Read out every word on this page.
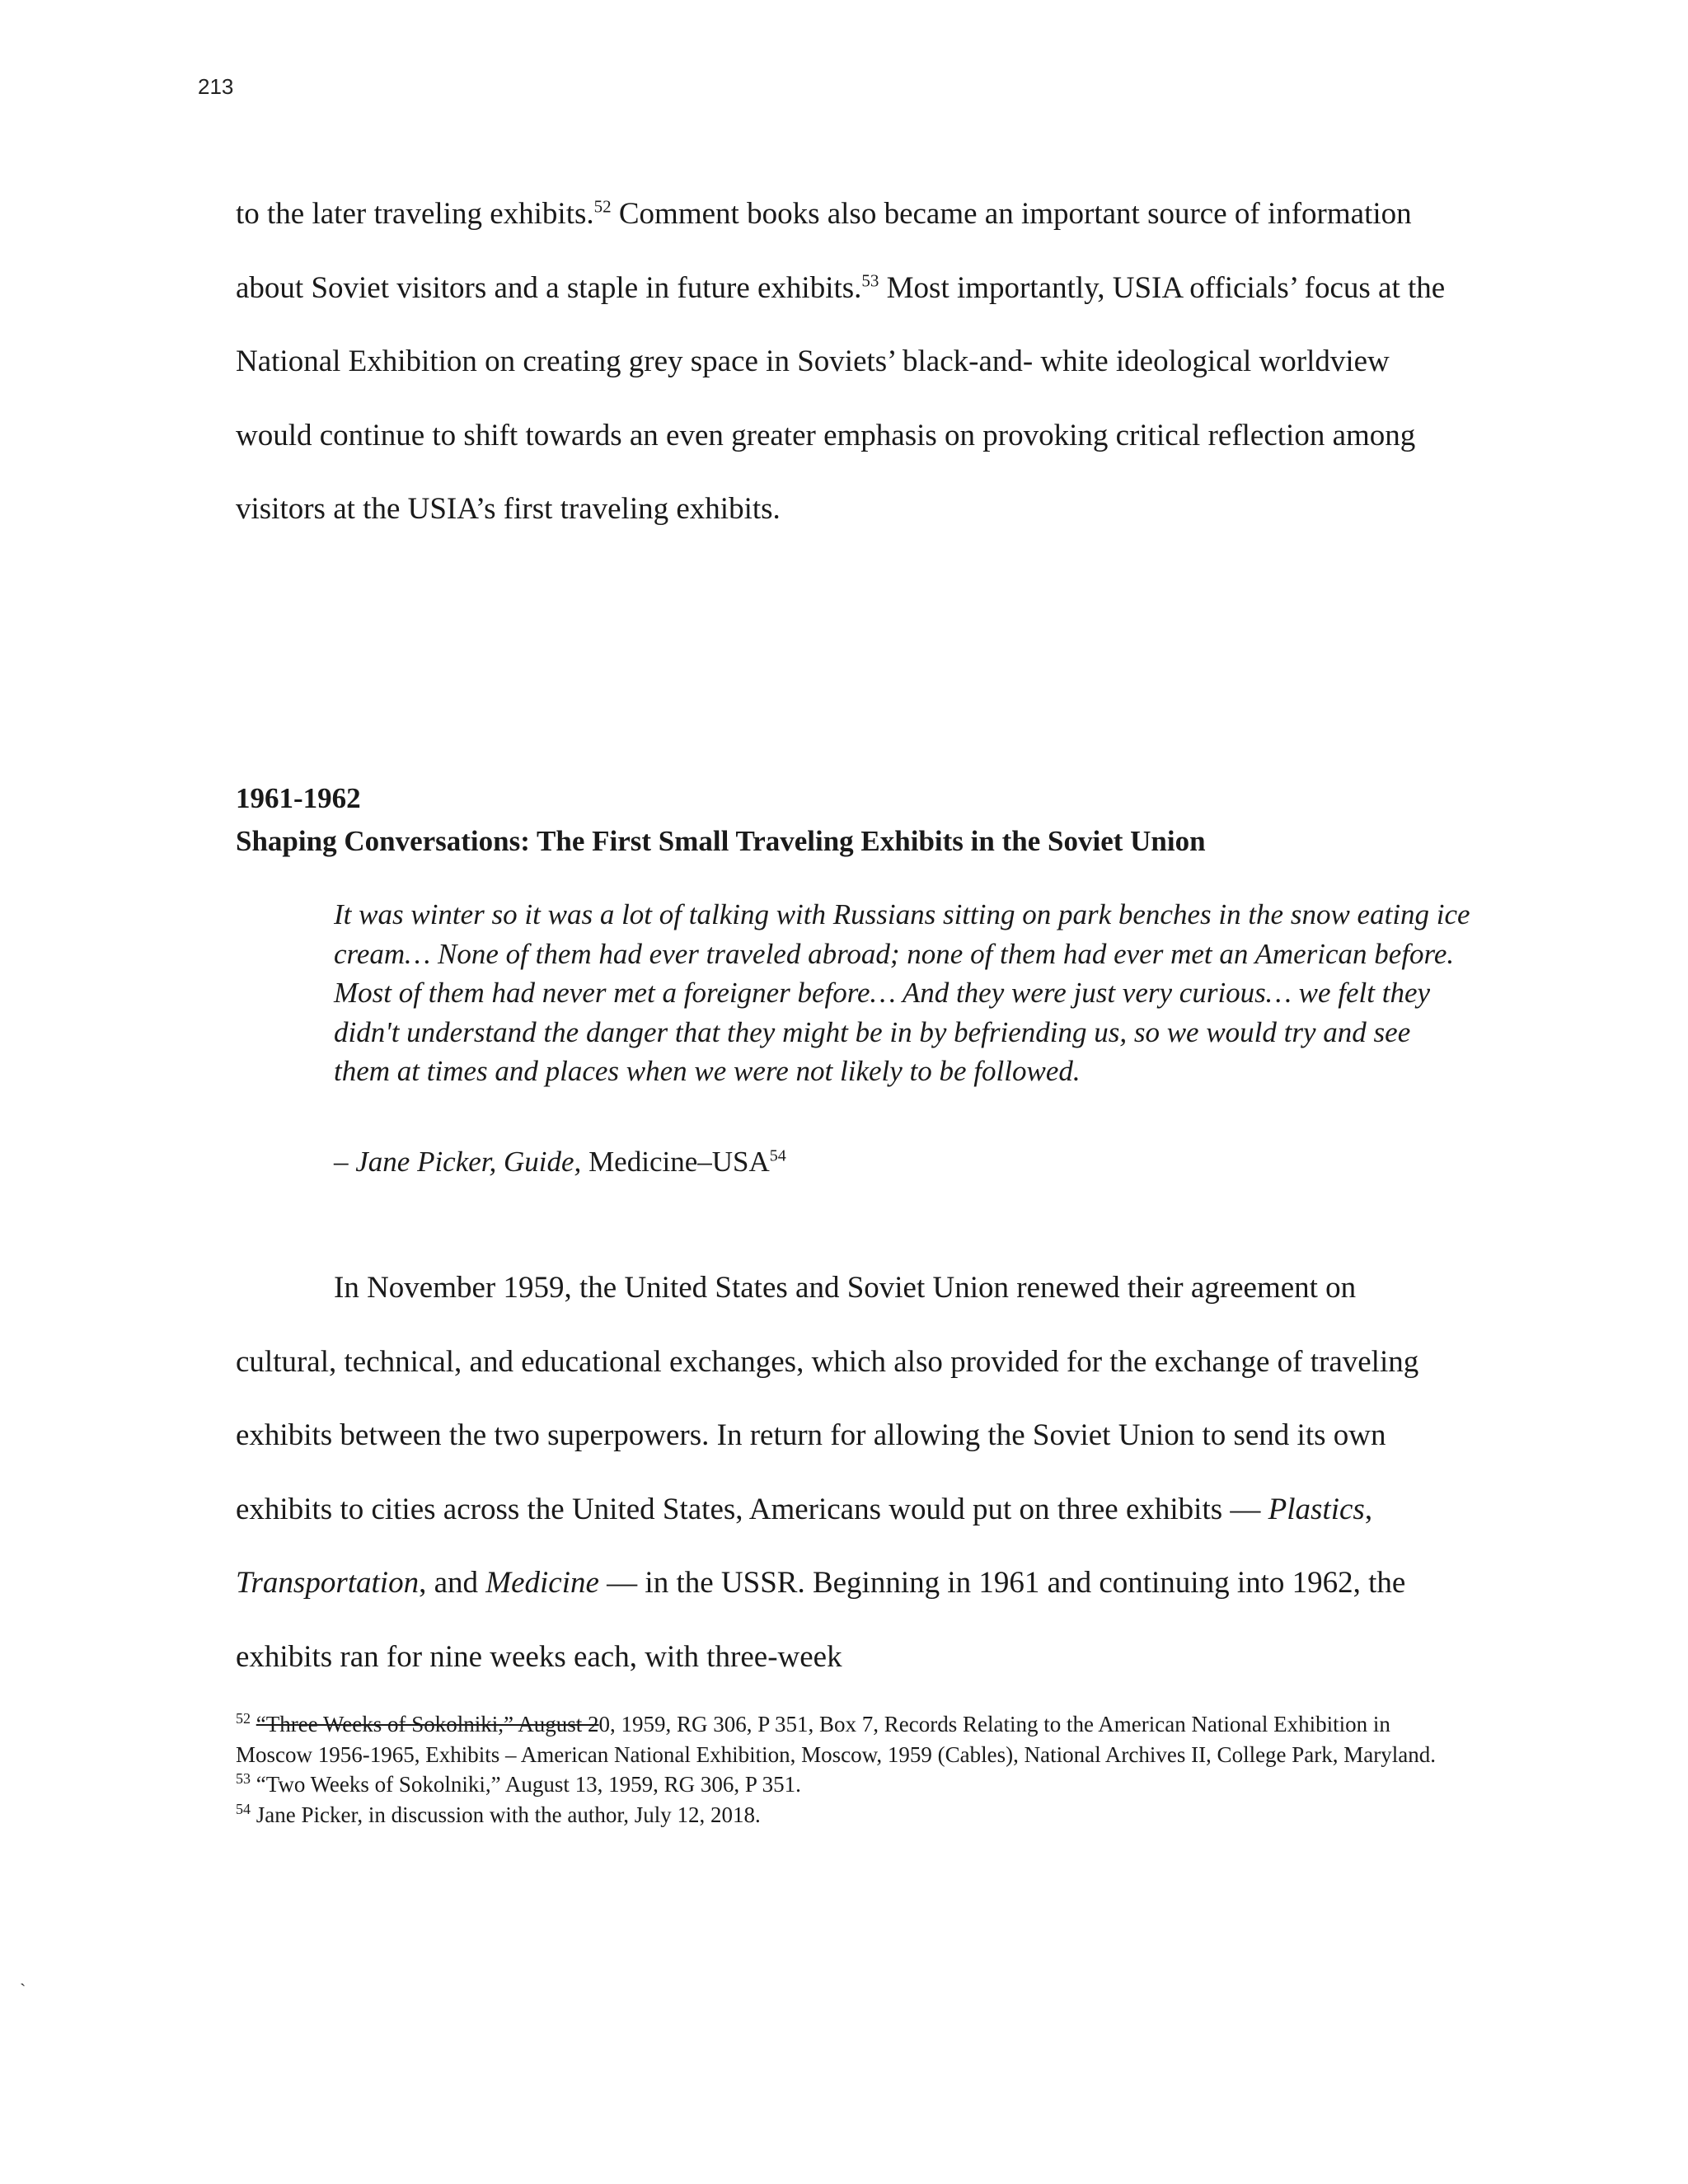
213

to the later traveling exhibits.$^{52}$ Comment books also became an important source of information about Soviet visitors and a staple in future exhibits.$^{53}$ Most importantly, USIA officials’ focus at the National Exhibition on creating grey space in Soviets’ black-and- white ideological worldview would continue to shift towards an even greater emphasis on provoking critical reflection among visitors at the USIA’s first traveling exhibits.

1961-1962
Shaping Conversations: The First Small Traveling Exhibits in the Soviet Union

It was winter so it was a lot of talking with Russians sitting on park benches in the snow eating ice cream… None of them had ever traveled abroad; none of them had ever met an American before. Most of them had never met a foreigner before… And they were just very curious… we felt they didn't understand the danger that they might be in by befriending us, so we would try and see them at times and places when we were not likely to be followed.

– Jane Picker, Guide, Medicine–USA$^{54}$

In November 1959, the United States and Soviet Union renewed their agreement on cultural, technical, and educational exchanges, which also provided for the exchange of traveling exhibits between the two superpowers. In return for allowing the Soviet Union to send its own exhibits to cities across the United States, Americans would put on three exhibits — Plastics, Transportation, and Medicine — in the USSR. Beginning in 1961 and continuing into 1962, the exhibits ran for nine weeks each, with three-week

$^{52}$ “Three Weeks of Sokolniki,” August 20, 1959, RG 306, P 351, Box 7, Records Relating to the American National Exhibition in Moscow 1956-1965, Exhibits – American National Exhibition, Moscow, 1959 (Cables), National Archives II, College Park, Maryland.

$^{53}$ “Two Weeks of Sokolniki,” August 13, 1959, RG 306, P 351.

$^{54}$ Jane Picker, in discussion with the author, July 12, 2018.

`
